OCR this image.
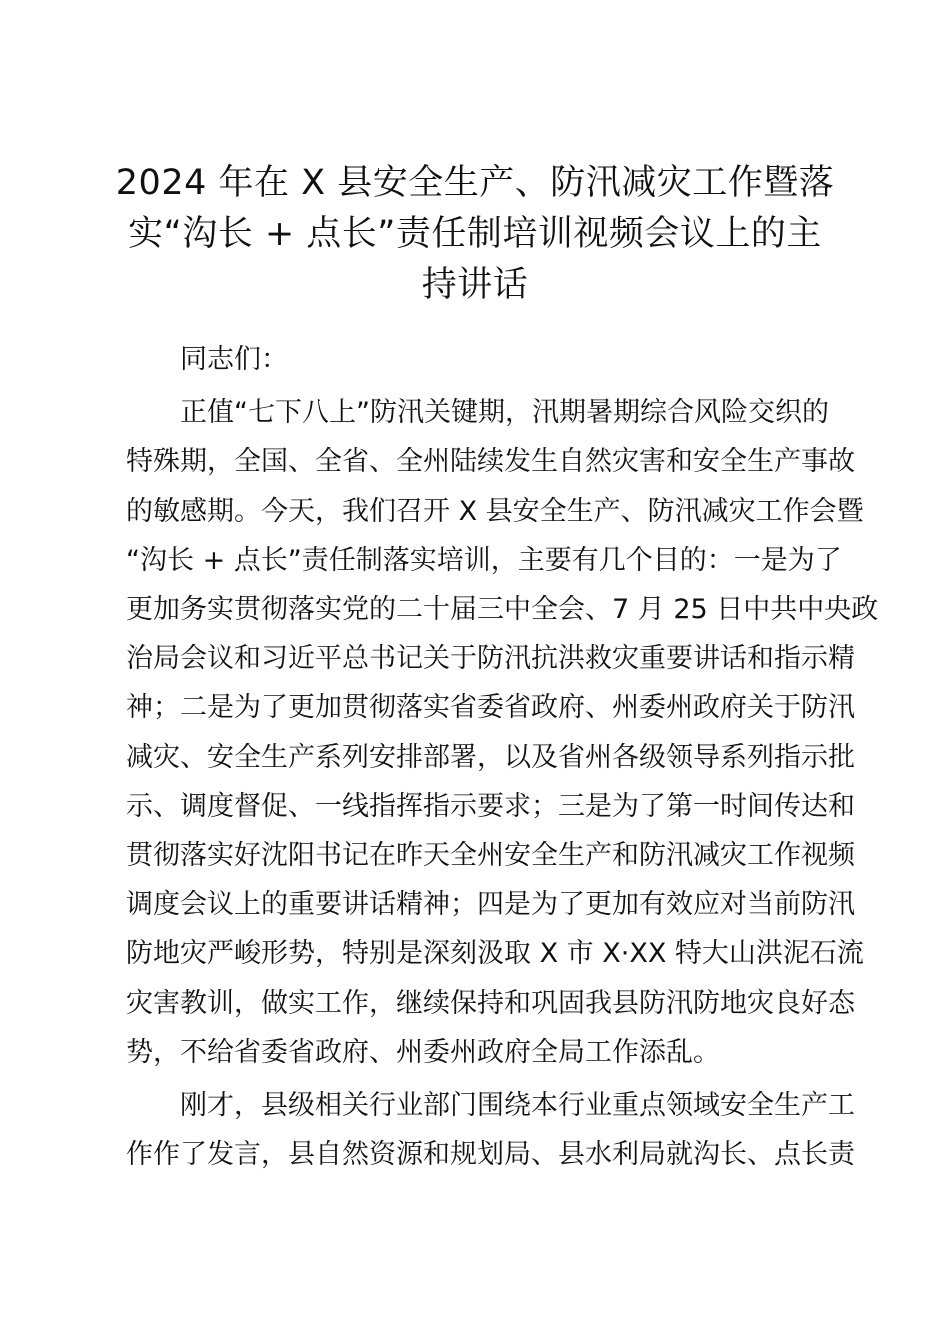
2024 年在 X 县安全生产、防汛减灾工作暨落
实“沟长 + 点长”责任制培训视频会议上的主
持讲话
同志们：
正值“七下八上”防汛关键期，汛期暑期综合风险交织的
特殊期，全国、全省、全州陆续发生自然灾害和安全生产事故
的敏感期。今天，我们召开 X 县安全生产、防汛减灾工作会暨
“沟长 + 点长”责任制落实培训，主要有几个目的：一是为了
更加务实贯彻落实党的二十届三中全会、7 月 25 日中共中央政
治局会议和习近平总书记关于防汛抗洪救灾重要讲话和指示精
神；二是为了更加贯彻落实省委省政府、州委州政府关于防汛
减灾、安全生产系列安排部署，以及省州各级领导系列指示批
示、调度督促、一线指挥指示要求；三是为了第一时间传达和
贯彻落实好沈阳书记在昨天全州安全生产和防汛减灾工作视频
调度会议上的重要讲话精神；四是为了更加有效应对当前防汛
防地灾严峻形势，特别是深刻汲取 X 市 X·XX 特大山洪泥石流
灾害教训，做实工作，继续保持和巩固我县防汛防地灾良好态
势，不给省委省政府、州委州政府全局工作添乱。
刚才，县级相关行业部门围绕本行业重点领域安全生产工
作作了发言，县自然资源和规划局、县水利局就沟长、点长责
